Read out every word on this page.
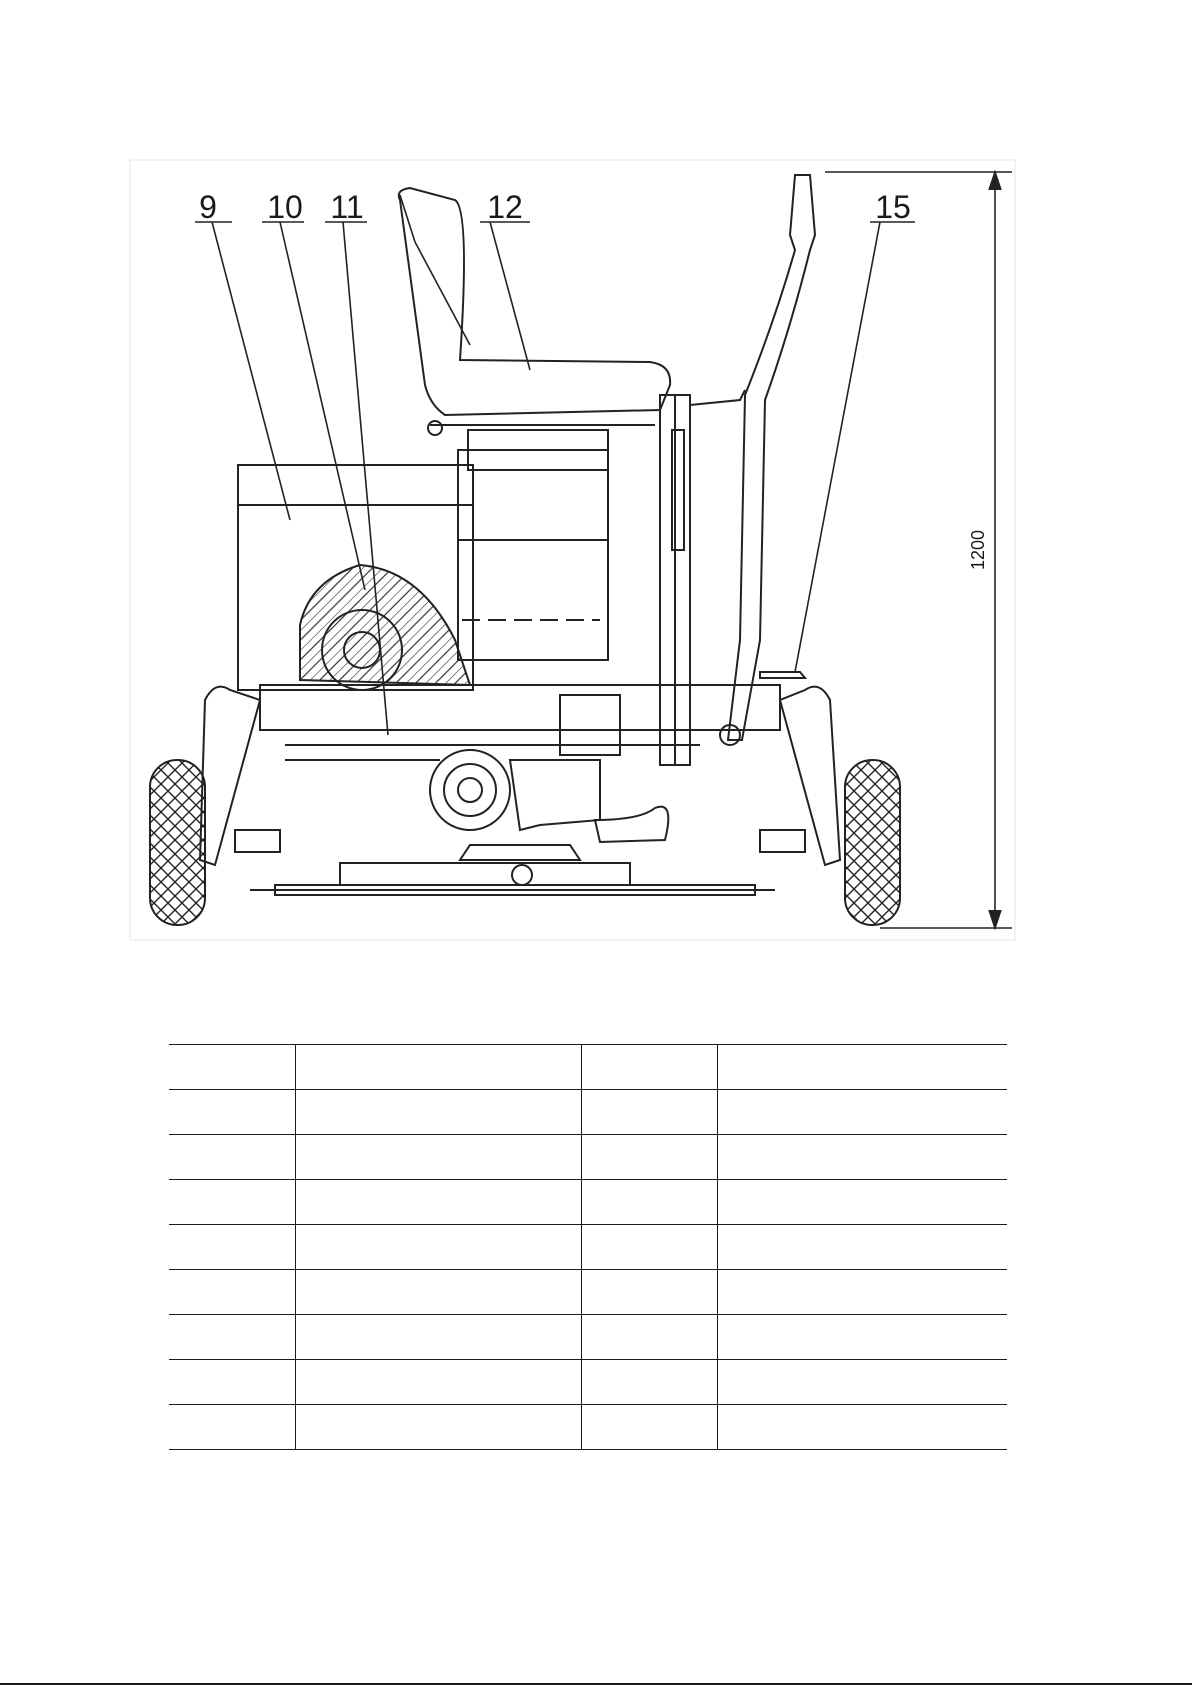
9 10 11	12	15
1200
